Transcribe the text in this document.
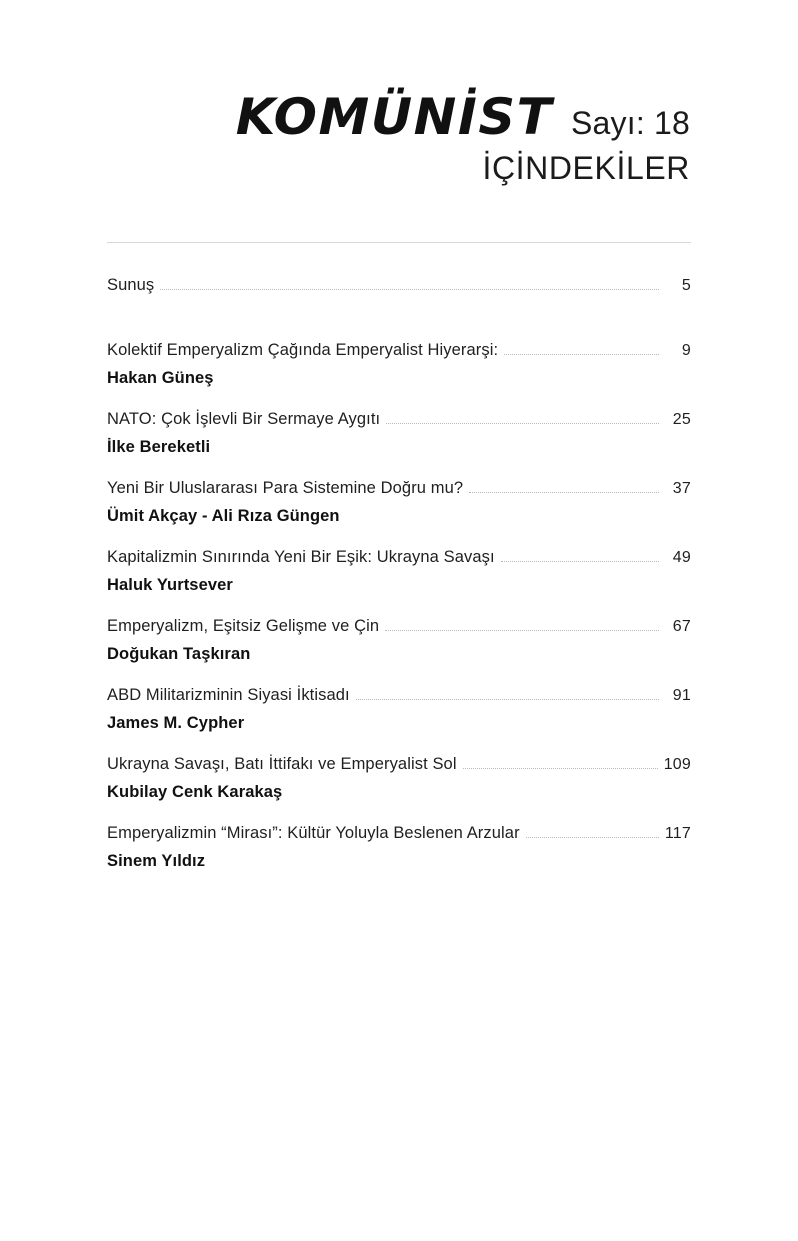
KOMÜNİST Sayı: 18
İÇİNDEKİLER
Sunuş	5
Kolektif Emperyalizm Çağında Emperyalist Hiyerarşi:	9
Hakan Güneş
NATO: Çok İşlevli Bir Sermaye Aygıtı	25
İlke Bereketli
Yeni Bir Uluslararası Para Sistemine Doğru mu?	37
Ümit Akçay - Ali Rıza Güngen
Kapitalizmin Sınırında Yeni Bir Eşik: Ukrayna Savaşı	49
Haluk Yurtsever
Emperyalizm, Eşitsiz Gelişme ve Çin	67
Doğukan Taşkıran
ABD Militarizminin Siyasi İktisadı	91
James M. Cypher
Ukrayna Savaşı, Batı İttifakı ve Emperyalist Sol	109
Kubilay Cenk Karakaş
Emperyalizmin “Mirası”: Kültür Yoluyla Beslenen Arzular	117
Sinem Yıldız
